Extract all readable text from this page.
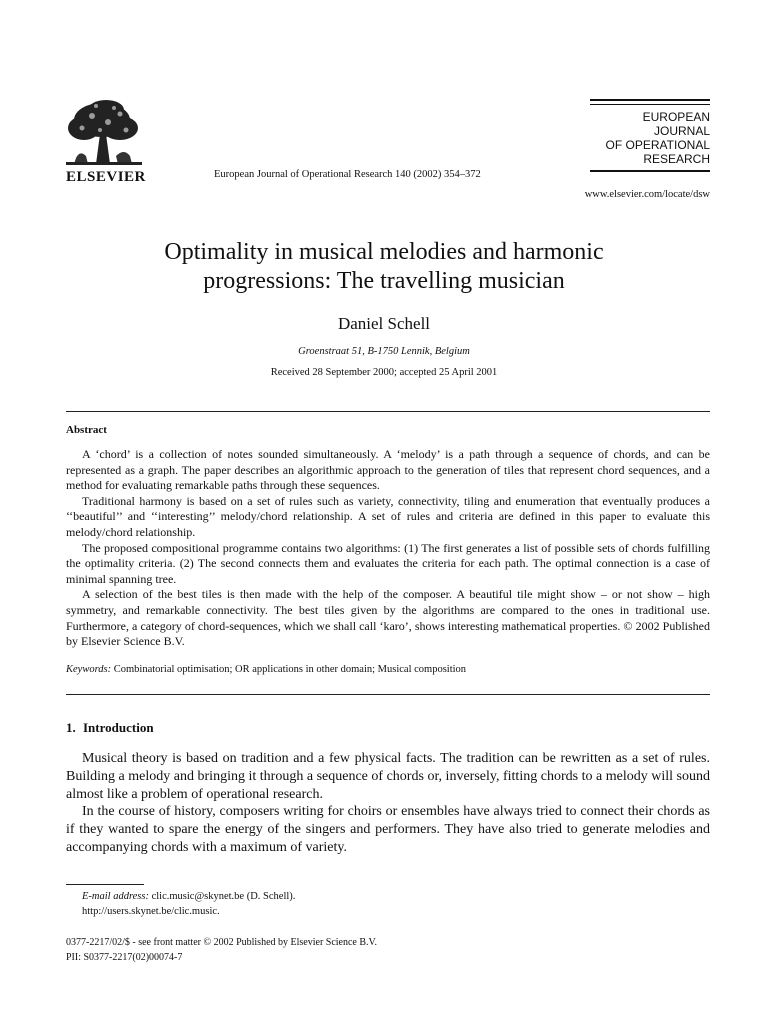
ELSEVIER	European Journal of Operational Research 140 (2002) 354–372
EUROPEAN
JOURNAL
OF OPERATIONAL
RESEARCH
www.elsevier.com/locate/dsw
Optimality in musical melodies and harmonic
progressions: The travelling musician
Daniel Schell
Groenstraat 51, B-1750 Lennik, Belgium
Received 28 September 2000; accepted 25 April 2001
Abstract

A ‘chord’ is a collection of notes sounded simultaneously. A ‘melody’ is a path through a sequence of chords, and can be represented as a graph. The paper describes an algorithmic approach to the generation of tiles that represent chord sequences, and a method for evaluating remarkable paths through these sequences.

Traditional harmony is based on a set of rules such as variety, connectivity, tiling and enumeration that eventually produces a ‘‘beautiful’’ and ‘‘interesting’’ melody/chord relationship. A set of rules and criteria are defined in this paper to evaluate this melody/chord relationship.

The proposed compositional programme contains two algorithms: (1) The first generates a list of possible sets of chords fulfilling the optimality criteria. (2) The second connects them and evaluates the criteria for each path. The optimal connection is a case of minimal spanning tree.

A selection of the best tiles is then made with the help of the composer. A beautiful tile might show – or not show – high symmetry, and remarkable connectivity. The best tiles given by the algorithms are compared to the ones in traditional use. Furthermore, a category of chord-sequences, which we shall call ‘karo’, shows interesting mathematical properties. © 2002 Published by Elsevier Science B.V.

Keywords: Combinatorial optimisation; OR applications in other domain; Musical composition
1. Introduction

Musical theory is based on tradition and a few physical facts. The tradition can be rewritten as a set of rules. Building a melody and bringing it through a sequence of chords or, inversely, fitting chords to a melody will sound almost like a problem of operational research.

In the course of history, composers writing for choirs or ensembles have always tried to connect their chords as if they wanted to spare the energy of the singers and performers. They have also tried to generate melodies and accompanying chords with a maximum of variety.

E-mail address: clic.music@skynet.be (D. Schell).
http://users.skynet.be/clic.music.
0377-2217/02/$ - see front matter © 2002 Published by Elsevier Science B.V.
PII: S0377-2217(02)00074-7
